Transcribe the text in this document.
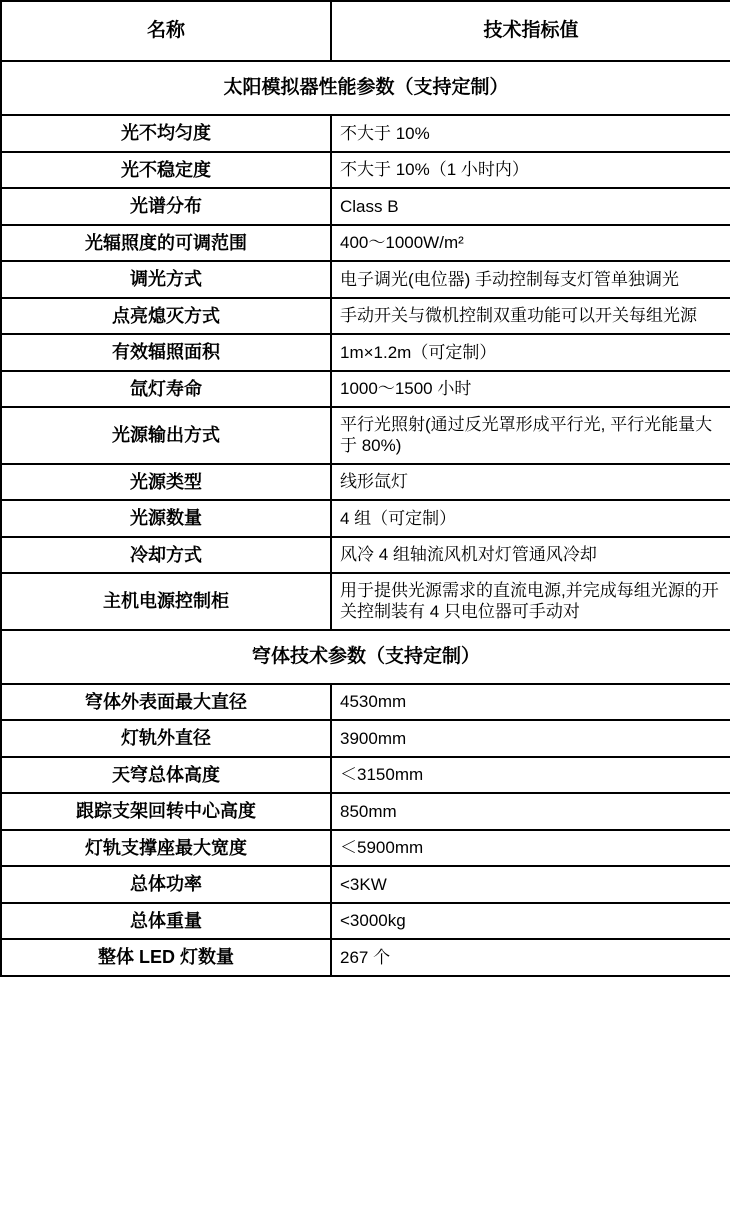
名称	技术指标值
太阳模拟器性能参数（支持定制）	
光不均匀度	不大于 10%
光不稳定度	不大于 10%（1 小时内）
光谱分布	Class B
光辐照度的可调范围	400～1000W/m²
调光方式	电子调光(电位器) 手动控制每支灯管单独调光
点亮熄灭方式	手动开关与微机控制双重功能可以开关每组光源
有效辐照面积	1m×1.2m（可定制）
氙灯寿命	1000～1500 小时
光源输出方式	平行光照射(通过反光罩形成平行光, 平行光能量大于 80%)
光源类型	线形氙灯
光源数量	4 组（可定制）
冷却方式	风冷 4 组轴流风机对灯管通风冷却
主机电源控制柜	用于提供光源需求的直流电源,并完成每组光源的开关控制装有 4 只电位器可手动对
穹体技术参数（支持定制）	
穹体外表面最大直径	4530mm
灯轨外直径	3900mm
天穹总体高度	＜3150mm
跟踪支架回转中心高度	850mm
灯轨支撑座最大宽度	＜5900mm
总体功率	<3KW
总体重量	<3000kg
整体 LED 灯数量	267 个
